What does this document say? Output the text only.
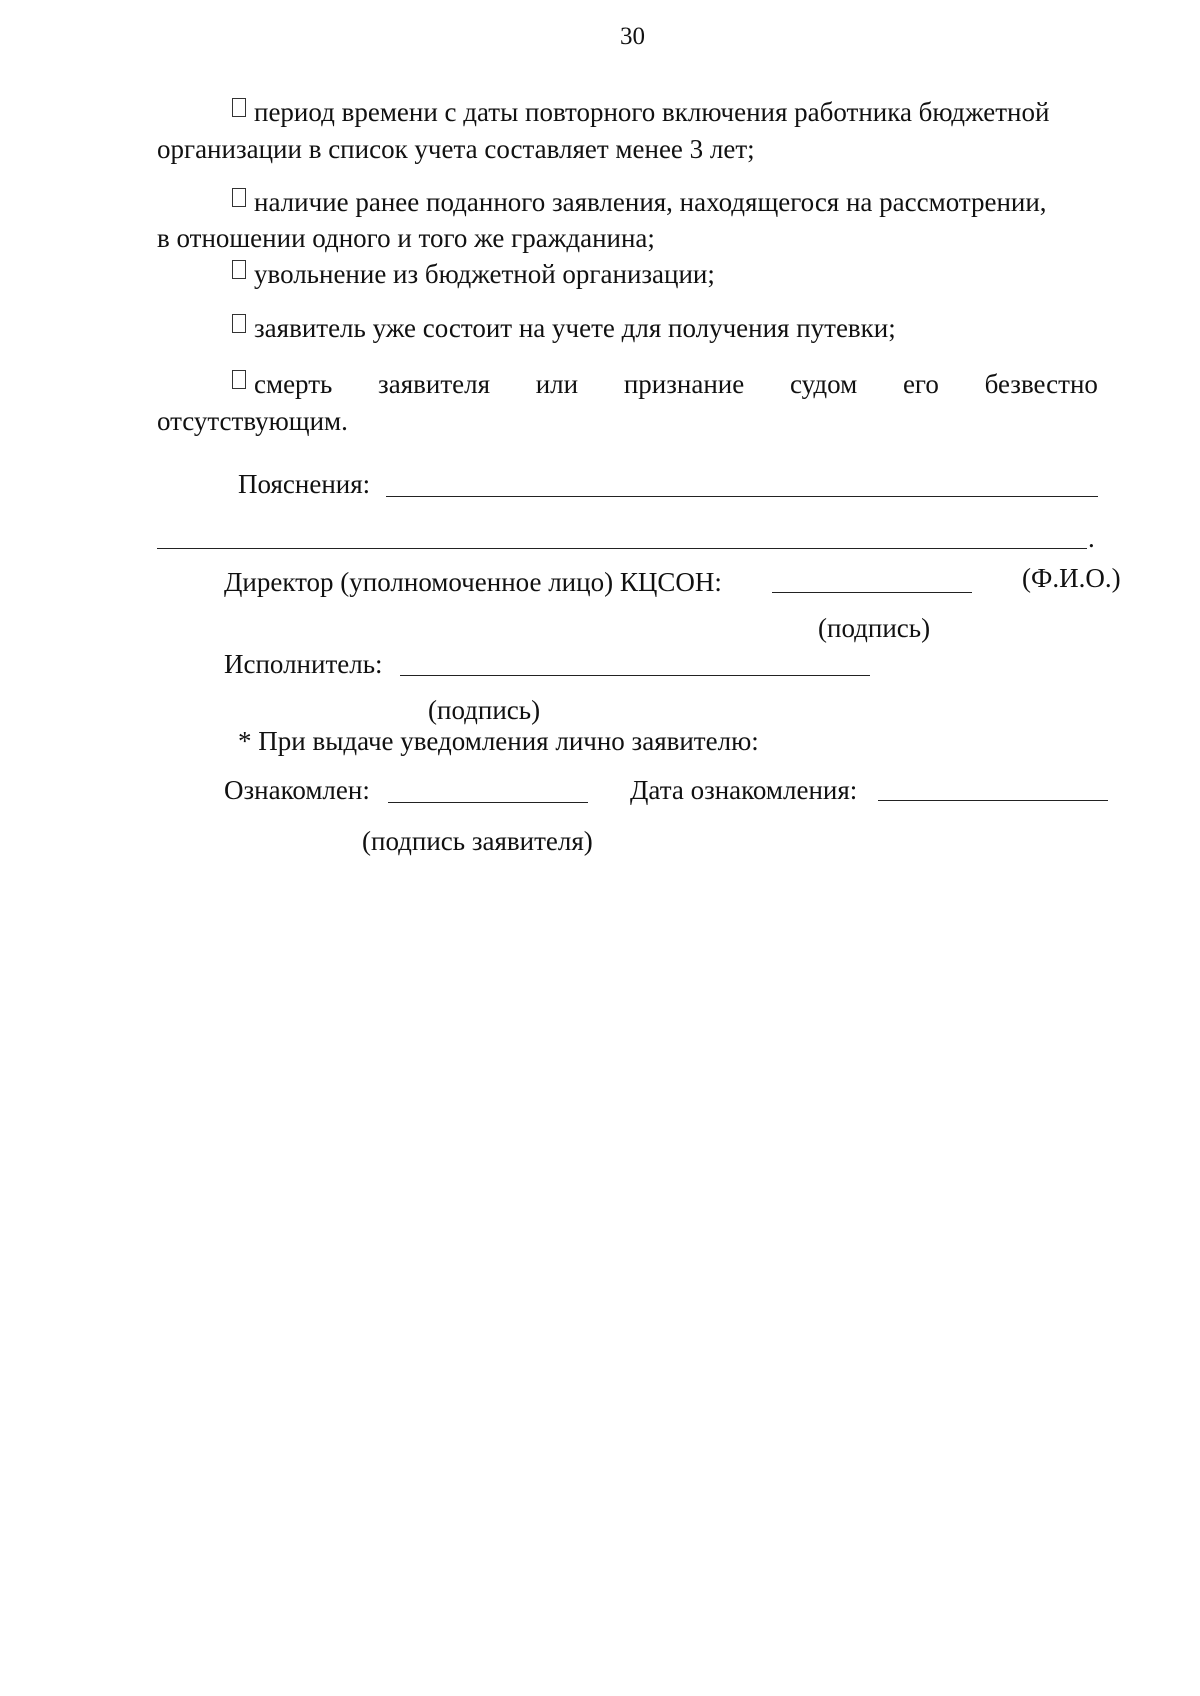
30
период времени с даты повторного включения работника бюджетной
организации в список учета составляет менее 3 лет;
наличие ранее поданного заявления, находящегося на рассмотрении,
в отношении одного и того же гражданина;
увольнение из бюджетной организации;
заявитель уже состоит на учете для получения путевки;
смерть заявителя или признание судом его безвестно
отсутствующим.
Пояснения:
.
Директор (уполномоченное лицо) КЦСОН:	(Ф.И.О.)
(подпись)
Исполнитель:
(подпись)
* При выдаче уведомления лично заявителю:
Ознакомлен:	Дата ознакомления:
(подпись заявителя)
